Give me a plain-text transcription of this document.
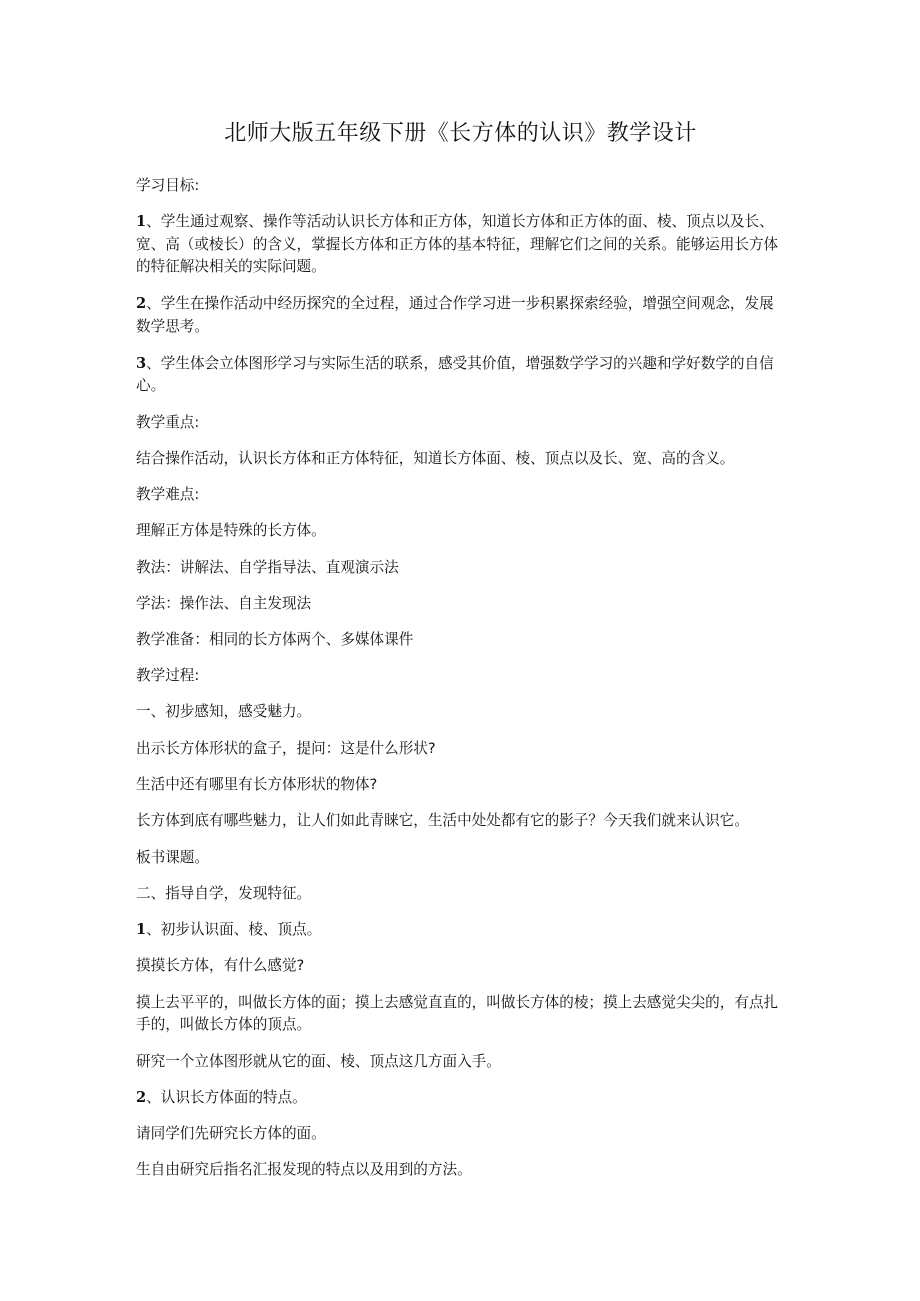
北师大版五年级下册《长方体的认识》教学设计

学习目标:

1、学生通过观察、操作等活动认识长方体和正方体，知道长方体和正方体的面、棱、顶点以及长、宽、高（或棱长）的含义，掌握长方体和正方体的基本特征，理解它们之间的关系。能够运用长方体的特征解决相关的实际问题。

2、学生在操作活动中经历探究的全过程，通过合作学习进一步积累探索经验，增强空间观念，发展数学思考。

3、学生体会立体图形学习与实际生活的联系，感受其价值，增强数学学习的兴趣和学好数学的自信心。

教学重点:

结合操作活动，认识长方体和正方体特征，知道长方体面、棱、顶点以及长、宽、高的含义。

教学难点:

理解正方体是特殊的长方体。

教法：讲解法、自学指导法、直观演示法

学法：操作法、自主发现法

教学准备：相同的长方体两个、多媒体课件

教学过程:

一、初步感知，感受魅力。

出示长方体形状的盒子，提问：这是什么形状?

生活中还有哪里有长方体形状的物体?

长方体到底有哪些魅力，让人们如此青睐它，生活中处处都有它的影子？今天我们就来认识它。

板书课题。

二、指导自学，发现特征。

1、初步认识面、棱、顶点。

摸摸长方体，有什么感觉?

摸上去平平的，叫做长方体的面；摸上去感觉直直的，叫做长方体的棱；摸上去感觉尖尖的，有点扎手的，叫做长方体的顶点。

研究一个立体图形就从它的面、棱、顶点这几方面入手。

2、认识长方体面的特点。

请同学们先研究长方体的面。

生自由研究后指名汇报发现的特点以及用到的方法。
